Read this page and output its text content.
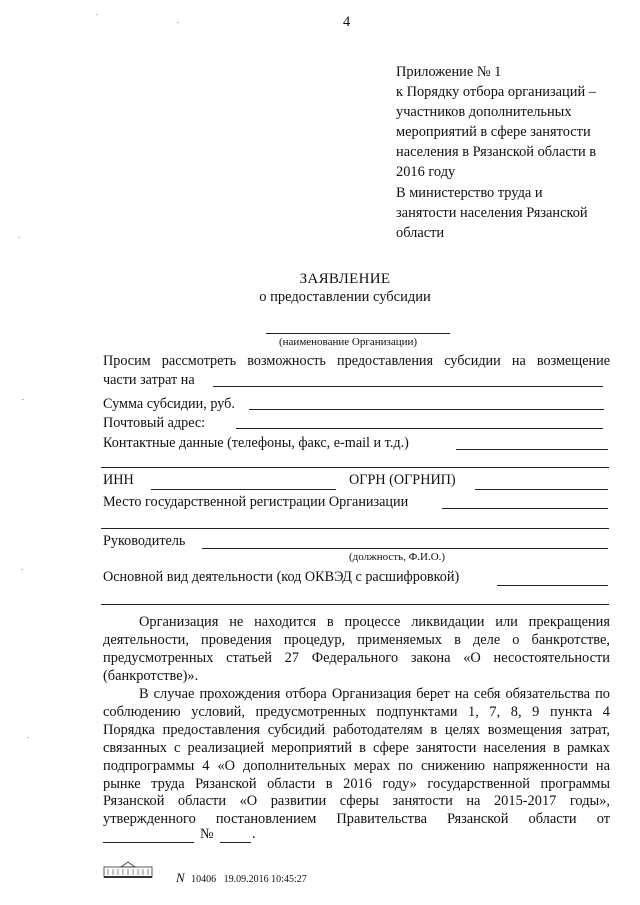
4
Приложение № 1
к Порядку отбора организаций –
участников дополнительных
мероприятий в сфере занятости
населения в Рязанской области в
2016 году
В министерство труда и
занятости населения Рязанской
области
ЗАЯВЛЕНИЕ
о предоставлении субсидии
(наименование Организации)
Просим рассмотреть возможность предоставления субсидии на возмещение
части затрат на
Сумма субсидии, руб.
Почтовый адрес:
Контактные данные (телефоны, факс, e-mail и т.д.)
ИНН	ОГРН (ОГРНИП)
Место государственной регистрации Организации
Руководитель
(должность, Ф.И.О.)
Основной вид деятельности (код ОКВЭД с расшифровкой)
Организация не находится в процессе ликвидации или прекращения
деятельности, проведения процедур, применяемых в деле о банкротстве,
предусмотренных статьей 27 Федерального закона «О несостоятельности
(банкротстве)».
В случае прохождения отбора Организация берет на себя обязательства по
соблюдению условий, предусмотренных подпунктами 1, 7, 8, 9 пункта 4
Порядка предоставления субсидий работодателям в целях возмещения затрат,
связанных с реализацией мероприятий в сфере занятости населения в рамках
подпрограммы 4 «О дополнительных мерах по снижению напряженности на
рынке труда Рязанской области в 2016 году» государственной программы
Рязанской области «О развитии сферы занятости на 2015-2017 годы»,
утвержденного постановлением Правительства Рязанской области от
№	.
N 10406 19.09.2016 10:45:27
